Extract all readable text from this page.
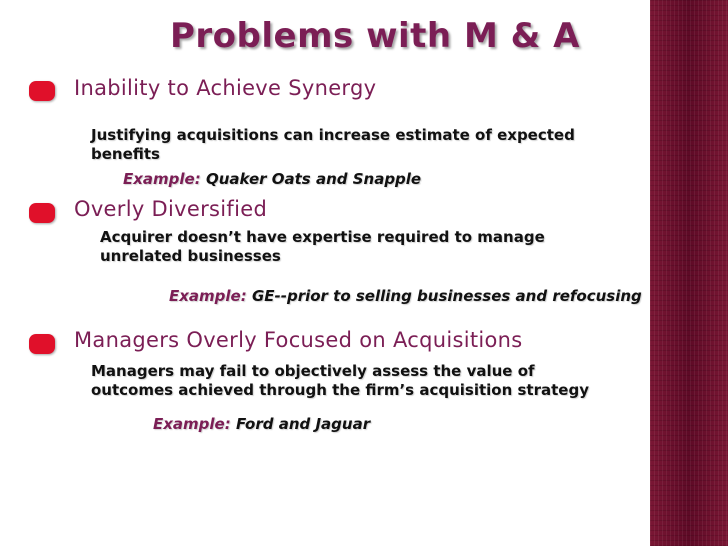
Problems with M & A
Inability to Achieve Synergy

Justifying acquisitions can increase estimate of expected benefits

Example: Quaker Oats and Snapple

Overly Diversified

Acquirer doesn’t have expertise required to manage unrelated businesses

Example: GE--prior to selling businesses and refocusing

Managers Overly Focused on Acquisitions

Managers may fail to objectively assess the value of outcomes achieved through the firm’s acquisition strategy

Example: Ford and Jaguar
